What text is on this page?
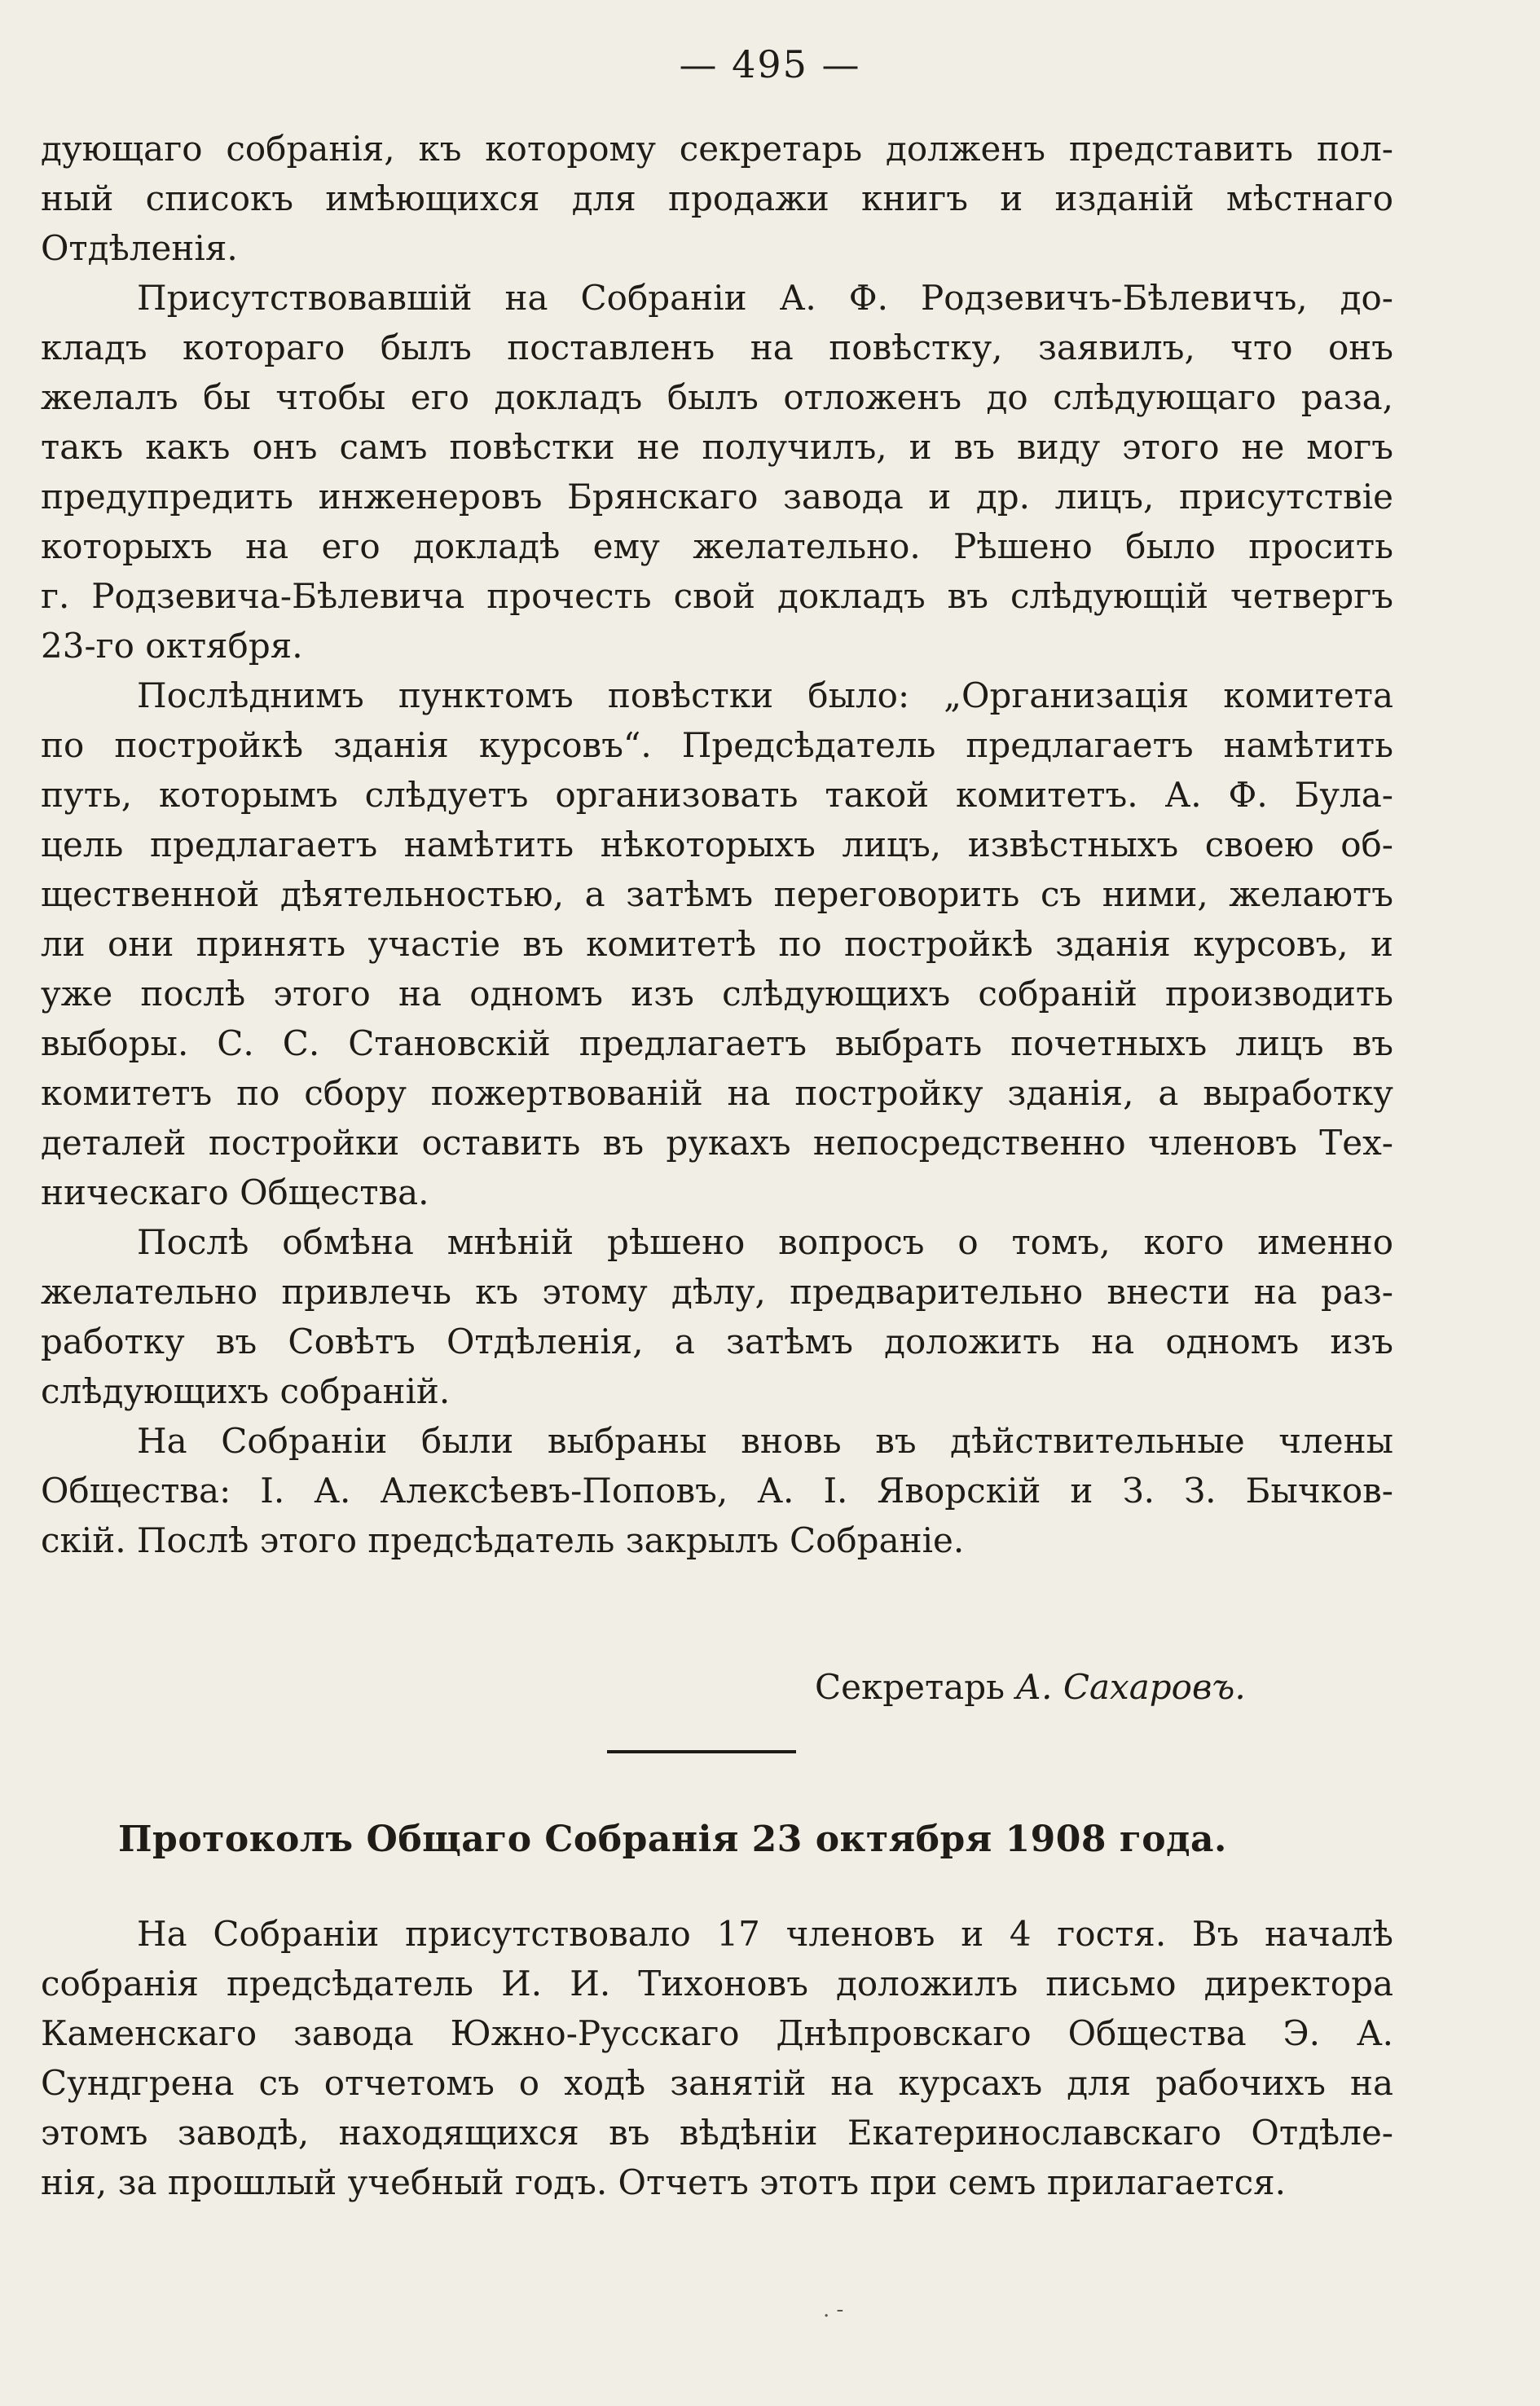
— 495 —
дующаго собранія, къ которому секретарь долженъ представить пол-
ный списокъ имѣющихся для продажи книгъ и изданій мѣстнаго
Отдѣленія.
Присутствовавшій на Собраніи А. Ф. Родзевичъ-Бѣлевичъ, до-
кладъ котораго былъ поставленъ на повѣстку, заявилъ, что онъ
желалъ бы чтобы его докладъ былъ отложенъ до слѣдующаго раза,
такъ какъ онъ самъ повѣстки не получилъ, и въ виду этого не могъ
предупредить инженеровъ Брянскаго завода и др. лицъ, присутствіе
которыхъ на его докладѣ ему желательно. Рѣшено было просить
г. Родзевича-Бѣлевича прочесть свой докладъ въ слѣдующій четвергъ
23-го октября.
Послѣднимъ пунктомъ повѣстки было: „Организація комитета
по постройкѣ зданія курсовъ“. Предсѣдатель предлагаетъ намѣтить
путь, которымъ слѣдуетъ организовать такой комитетъ. А. Ф. Була-
цель предлагаетъ намѣтить нѣкоторыхъ лицъ, извѣстныхъ своею об-
щественной дѣятельностью, а затѣмъ переговорить съ ними, желаютъ
ли они принять участіе въ комитетѣ по постройкѣ зданія курсовъ, и
уже послѣ этого на одномъ изъ слѣдующихъ собраній производить
выборы. С. С. Становскій предлагаетъ выбрать почетныхъ лицъ въ
комитетъ по сбору пожертвованій на постройку зданія, а выработку
деталей постройки оставить въ рукахъ непосредственно членовъ Тех-
ническаго Общества.
Послѣ обмѣна мнѣній рѣшено вопросъ о томъ, кого именно
желательно привлечь къ этому дѣлу, предварительно внести на раз-
работку въ Совѣтъ Отдѣленія, а затѣмъ доложить на одномъ изъ
слѣдующихъ собраній.
На Собраніи были выбраны вновь въ дѣйствительные члены
Общества: І. А. Алексѣевъ-Поповъ, А. І. Яворскій и З. З. Бычков-
скій. Послѣ этого предсѣдатель закрылъ Собраніе.
Секретарь А. Сахаровъ.
Протоколъ Общаго Собранія 23 октября 1908 года.
На Собраніи присутствовало 17 членовъ и 4 гостя. Въ началѣ
собранія предсѣдатель И. И. Тихоновъ доложилъ письмо директора
Каменскаго завода Южно-Русскаго Днѣпровскаго Общества Э. А.
Сундгрена съ отчетомъ о ходѣ занятій на курсахъ для рабочихъ на
этомъ заводѣ, находящихся въ вѣдѣніи Екатеринославскаго Отдѣле-
нія, за прошлый учебный годъ. Отчетъ этотъ при семъ прилагается.
. -
